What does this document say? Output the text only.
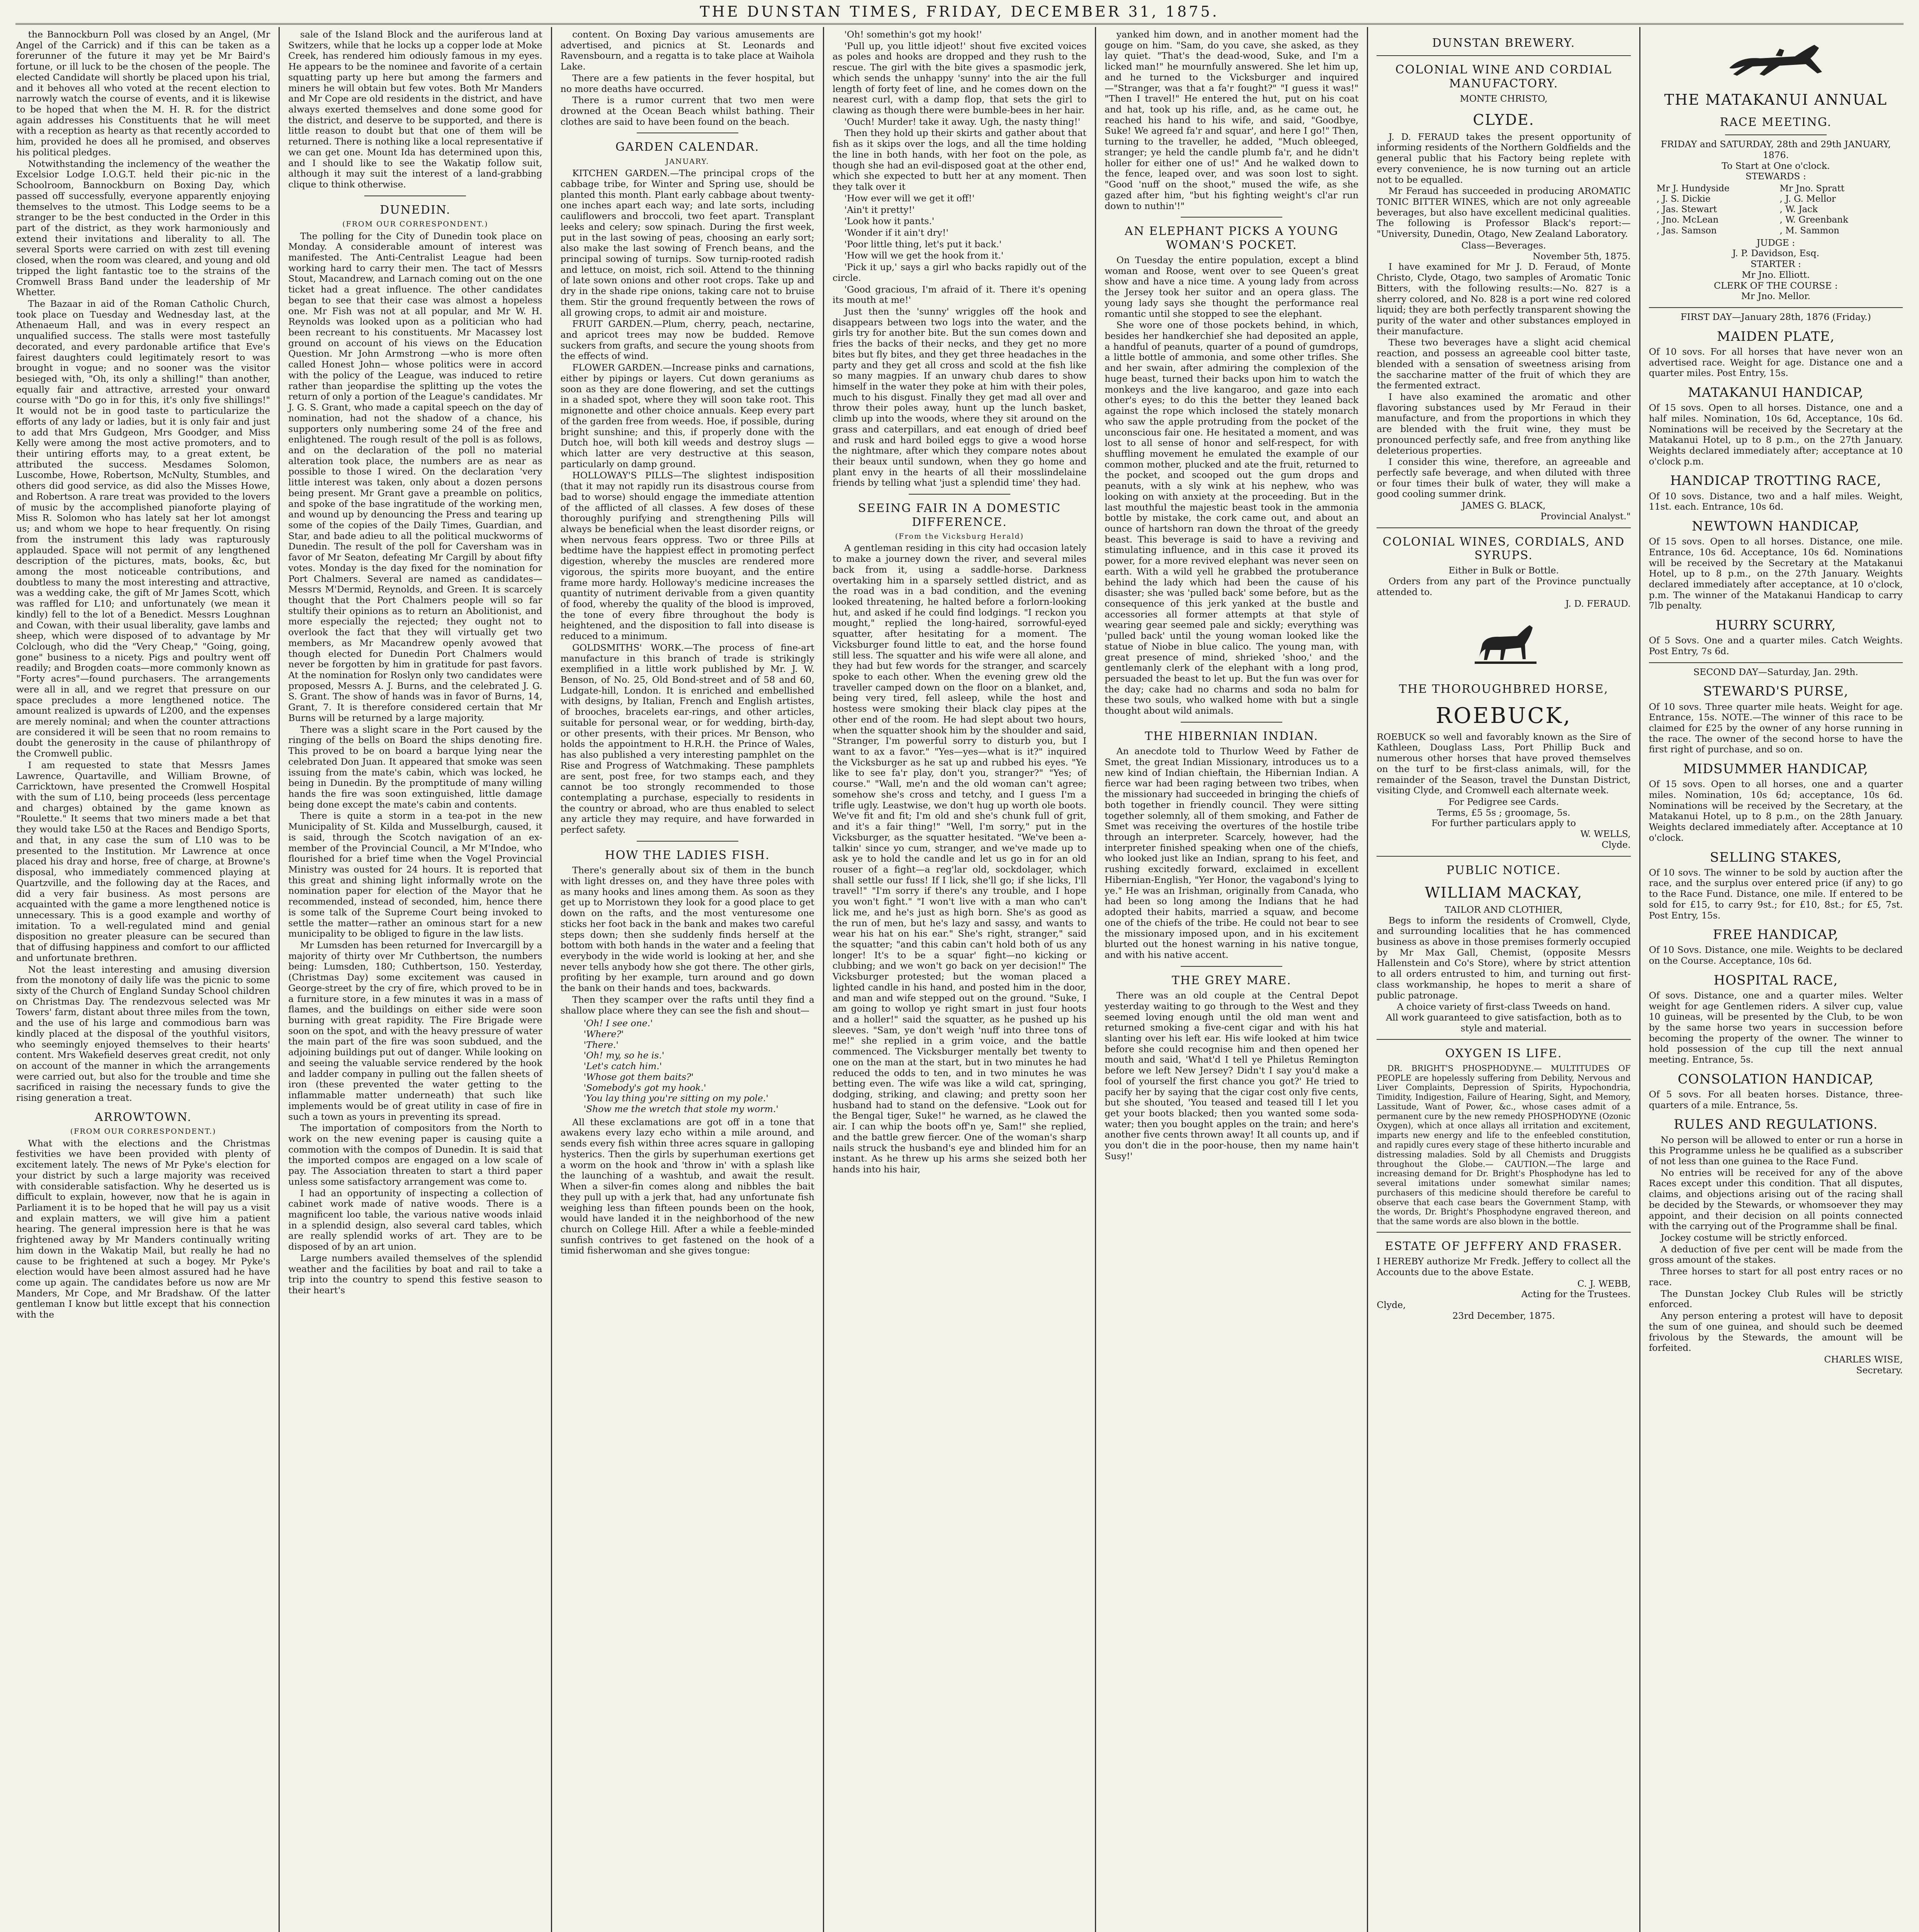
THE DUNSTAN TIMES, FRIDAY, DECEMBER 31, 1875.

the Bannockburn Poll was closed by an Angel, (Mr Angel of the Carrick) and if this can be taken as a forerunner of the future it may yet be Mr Baird's fortune, or ill luck to be the chosen of the people. The elected Candidate will shortly be placed upon his trial, and it behoves all who voted at the recent election to narrowly watch the course of events, and it is likewise to be hoped that when the M. H. R. for the district again addresses his Constituents that he will meet with a reception as hearty as that recently accorded to him, provided he does all he promised, and observes his political pledges.

Notwithstanding the inclemency of the weather the Excelsior Lodge I.O.G.T. held their pic-nic in the Schoolroom, Bannockburn on Boxing Day, which passed off successfully, everyone apparently enjoying themselves to the utmost. This Lodge seems to be a stranger to be the best conducted in the Order in this part of the district, as they work harmoniously and extend their invitations and liberality to all. The several Sports were carried on with zest till evening closed, when the room was cleared, and young and old tripped the light fantastic toe to the strains of the Cromwell Brass Band under the leadership of Mr Whetter.

The Bazaar in aid of the Roman Catholic Church, took place on Tuesday and Wednesday last, at the Athenaeum Hall, and was in every respect an unqualified success. The stalls were most tastefully decorated, and every pardonable artifice that Eve's fairest daughters could legitimately resort to was brought in vogue; and no sooner was the visitor besieged with, "Oh, its only a shilling!" than another, equally fair and attractive, arrested your onward course with "Do go in for this, it's only five shillings!" It would not be in good taste to particularize the efforts of any lady or ladies, but it is only fair and just to add that Mrs Gudgeon, Mrs Goodger, and Miss Kelly were among the most active promoters, and to their untiring efforts may, to a great extent, be attributed the success. Mesdames Solomon, Luscombe, Howe, Robertson, McNulty, Stumbles, and others did good service, as did also the Misses Howe, and Robertson. A rare treat was provided to the lovers of music by the accomplished pianoforte playing of Miss R. Solomon who has lately sat her lot amongst us; and whom we hope to hear frequently. On rising from the instrument this lady was rapturously applauded. Space will not permit of any lengthened description of the pictures, mats, books, &c, but among the most noticeable contributions, and doubtless to many the most interesting and attractive, was a wedding cake, the gift of Mr James Scott, which was raffled for L10; and unfortunately (we mean it kindly) fell to the lot of a Benedict. Messrs Loughnan and Cowan, with their usual liberality, gave lambs and sheep, which were disposed of to advantage by Mr Colclough, who did the "Very Cheap," "Going, going, gone" business to a nicety. Pigs and poultry went off readily; and Brogden coats—more commonly known as "Forty acres"—found purchasers. The arrangements were all in all, and we regret that pressure on our space precludes a more lengthened notice. The amount realized is upwards of L200, and the expenses are merely nominal; and when the counter attractions are considered it will be seen that no room remains to doubt the generosity in the cause of philanthropy of the Cromwell public.

I am requested to state that Messrs James Lawrence, Quartaville, and William Browne, of Carricktown, have presented the Cromwell Hospital with the sum of L10, being proceeds (less percentage and charges) obtained by the game known as "Roulette." It seems that two miners made a bet that they would take L50 at the Races and Bendigo Sports, and that, in any case the sum of L10 was to be presented to the Institution. Mr Lawrence at once placed his dray and horse, free of charge, at Browne's disposal, who immediately commenced playing at Quartzville, and the following day at the Races, and did a very fair business. As most persons are acquainted with the game a more lengthened notice is unnecessary. This is a good example and worthy of imitation. To a well-regulated mind and genial disposition no greater pleasure can be secured than that of diffusing happiness and comfort to our afflicted and unfortunate brethren.

Not the least interesting and amusing diversion from the monotony of daily life was the picnic to some sixty of the Church of England Sunday School children on Christmas Day. The rendezvous selected was Mr Towers' farm, distant about three miles from the town, and the use of his large and commodious barn was kindly placed at the disposal of the youthful visitors, who seemingly enjoyed themselves to their hearts' content. Mrs Wakefield deserves great credit, not only on account of the manner in which the arrangements were carried out, but also for the trouble and time she sacrificed in raising the necessary funds to give the rising generation a treat.

ARROWTOWN.
(FROM OUR CORRESPONDENT.)

What with the elections and the Christmas festivities we have been provided with plenty of excitement lately. The news of Mr Pyke's election for your district by such a large majority was received with considerable satisfaction. Why he deserted us is difficult to explain, however, now that he is again in Parliament it is to be hoped that he will pay us a visit and explain matters, we will give him a patient hearing. The general impression here is that he was frightened away by Mr Manders continually writing him down in the Wakatip Mail, but really he had no cause to be frightened at such a bogey. Mr Pyke's election would have been almost assured had he have come up again. The candidates before us now are Mr Manders, Mr Cope, and Mr Bradshaw. Of the latter gentleman I know but little except that his connection with the

sale of the Island Block and the auriferous land at Switzers, while that he locks up a copper lode at Moke Creek, has rendered him odiously famous in my eyes. He appears to be the nominee and favorite of a certain squatting party up here but among the farmers and miners he will obtain but few votes. Both Mr Manders and Mr Cope are old residents in the district, and have always exerted themselves and done some good for the district, and deserve to be supported, and there is little reason to doubt but that one of them will be returned. There is nothing like a local representative if we can get one. Mount Ida has determined upon this, and I should like to see the Wakatip follow suit, although it may suit the interest of a land-grabbing clique to think otherwise.

DUNEDIN.
(FROM OUR CORRESPONDENT.)

The polling for the City of Dunedin took place on Monday. A considerable amount of interest was manifested. The Anti-Centralist League had been working hard to carry their men. The tact of Messrs Stout, Macandrew, and Larnach coming out on the one ticket had a great influence. The other candidates began to see that their case was almost a hopeless one. Mr Fish was not at all popular, and Mr W. H. Reynolds was looked upon as a politician who had been recreant to his constituents. Mr Macassey lost ground on account of his views on the Education Question. Mr John Armstrong —who is more often called Honest John— whose politics were in accord with the policy of the League, was induced to retire rather than jeopardise the splitting up the votes the return of only a portion of the League's candidates. Mr J. G. S. Grant, who made a capital speech on the day of nomination, had not the shadow of a chance, his supporters only numbering some 24 of the free and enlightened. The rough result of the poll is as follows, and on the declaration of the poll no material alteration took place, the numbers are as near as possible to those I wired. On the declaration 'very little interest was taken, only about a dozen persons being present. Mr Grant gave a preamble on politics, and spoke of the base ingratitude of the working men, and wound up by denouncing the Press and tearing up some of the copies of the Daily Times, Guardian, and Star, and bade adieu to all the political muckworms of Dunedin. The result of the poll for Caversham was in favor of Mr Seaton, defeating Mr Cargill by about fifty votes. Monday is the day fixed for the nomination for Port Chalmers. Several are named as candidates—Messrs M'Dermid, Reynolds, and Green. It is scarcely thought that the Port Chalmers people will so far stultify their opinions as to return an Abolitionist, and more especially the rejected; they ought not to overlook the fact that they will virtually get two members, as Mr Macandrew openly avowed that though elected for Dunedin Port Chalmers would never be forgotten by him in gratitude for past favors. At the nomination for Roslyn only two candidates were proposed, Messrs A. J. Burns, and the celebrated J. G. S. Grant. The show of hands was in favor of Burns, 14, Grant, 7. It is therefore considered certain that Mr Burns will be returned by a large majority.

There was a slight scare in the Port caused by the ringing of the bells on Board the ships denoting fire. This proved to be on board a barque lying near the celebrated Don Juan. It appeared that smoke was seen issuing from the mate's cabin, which was locked, he being in Dunedin. By the promptitude of many willing hands the fire was soon extinguished, little damage being done except the mate's cabin and contents.

There is quite a storm in a tea-pot in the new Municipality of St. Kilda and Musselburgh, caused, it is said, through the Scotch navigation of an ex-member of the Provincial Council, a Mr M'Indoe, who flourished for a brief time when the Vogel Provincial Ministry was ousted for 24 hours. It is reported that this great and shining light informally wrote on the nomination paper for election of the Mayor that he recommended, instead of seconded, him, hence there is some talk of the Supreme Court being invoked to settle the matter—rather an ominous start for a new municipality to be obliged to figure in the law lists.

Mr Lumsden has been returned for Invercargill by a majority of thirty over Mr Cuthbertson, the numbers being: Lumsden, 180; Cuthbertson, 150. Yesterday, (Christmas Day) some excitement was caused in George-street by the cry of fire, which proved to be in a furniture store, in a few minutes it was in a mass of flames, and the buildings on either side were soon burning with great rapidity. The Fire Brigade were soon on the spot, and with the heavy pressure of water the main part of the fire was soon subdued, and the adjoining buildings put out of danger. While looking on and seeing the valuable service rendered by the hook and ladder company in pulling out the fallen sheets of iron (these prevented the water getting to the inflammable matter underneath) that such like implements would be of great utility in case of fire in such a town as yours in preventing its spread.

The importation of compositors from the North to work on the new evening paper is causing quite a commotion with the compos of Dunedin. It is said that the imported compos are engaged on a low scale of pay. The Association threaten to start a third paper unless some satisfactory arrangement was come to.

I had an opportunity of inspecting a collection of cabinet work made of native woods. There is a magnificent loo table, the various native woods inlaid in a splendid design, also several card tables, which are really splendid works of art. They are to be disposed of by an art union.

Large numbers availed themselves of the splendid weather and the facilities by boat and rail to take a trip into the country to spend this festive season to their heart's

content. On Boxing Day various amusements are advertised, and picnics at St. Leonards and Ravensbourn, and a regatta is to take place at Waihola Lake.

There are a few patients in the fever hospital, but no more deaths have occurred.

There is a rumor current that two men were drowned at the Ocean Beach whilst bathing. Their clothes are said to have been found on the beach.

GARDEN CALENDAR.
JANUARY.

KITCHEN GARDEN.—The principal crops of the cabbage tribe, for Winter and Spring use, should be planted this month. Plant early cabbage about twenty-one inches apart each way; and late sorts, including cauliflowers and broccoli, two feet apart. Transplant leeks and celery; sow spinach. During the first week, put in the last sowing of peas, choosing an early sort; also make the last sowing of French beans, and the principal sowing of turnips. Sow turnip-rooted radish and lettuce, on moist, rich soil. Attend to the thinning of late sown onions and other root crops. Take up and dry in the shade ripe onions, taking care not to bruise them. Stir the ground frequently between the rows of all growing crops, to admit air and moisture.

FRUIT GARDEN.—Plum, cherry, peach, nectarine, and apricot trees may now be budded. Remove suckers from grafts, and secure the young shoots from the effects of wind.

FLOWER GARDEN.—Increase pinks and carnations, either by pipings or layers. Cut down geraniums as soon as they are done flowering, and set the cuttings in a shaded spot, where they will soon take root. This mignonette and other choice annuals. Keep every part of the garden free from weeds. Hoe, if possible, during bright sunshine; and this, if properly done with the Dutch hoe, will both kill weeds and destroy slugs —which latter are very destructive at this season, particularly on damp ground.

HOLLOWAY'S PILLS—The slightest indisposition (that it may not rapidly run its disastrous course from bad to worse) should engage the immediate attention of the afflicted of all classes. A few doses of these thoroughly purifying and strengthening Pills will always be beneficial when the least disorder reigns, or when nervous fears oppress. Two or three Pills at bedtime have the happiest effect in promoting perfect digestion, whereby the muscles are rendered more vigorous, the spirits more buoyant, and the entire frame more hardy. Holloway's medicine increases the quantity of nutriment derivable from a given quantity of food, whereby the quality of the blood is improved, the tone of every fibre throughout the body is heightened, and the disposition to fall into disease is reduced to a minimum.

GOLDSMITHS' WORK.—The process of fine-art manufacture in this branch of trade is strikingly exemplified in a little work published by Mr. J. W. Benson, of No. 25, Old Bond-street and of 58 and 60, Ludgate-hill, London. It is enriched and embellished with designs, by Italian, French and English artistes, of brooches, bracelets ear-rings, and other articles, suitable for personal wear, or for wedding, birth-day, or other presents, with their prices. Mr Benson, who holds the appointment to H.R.H. the Prince of Wales, has also published a very interesting pamphlet on the Rise and Progress of Watchmaking. These pamphlets are sent, post free, for two stamps each, and they cannot be too strongly recommended to those contemplating a purchase, especially to residents in the country or abroad, who are thus enabled to select any article they may require, and have forwarded in perfect safety.

HOW THE LADIES FISH.

There's generally about six of them in the bunch with light dresses on, and they have three poles with as many hooks and lines among them. As soon as they get up to Morristown they look for a good place to get down on the rafts, and the most venturesome one sticks her foot back in the bank and makes two careful steps down; then she suddenly finds herself at the bottom with both hands in the water and a feeling that everybody in the wide world is looking at her, and she never tells anybody how she got there. The other girls, profiting by her example, turn around and go down the bank on their hands and toes, backwards.

Then they scamper over the rafts until they find a shallow place where they can see the fish and shout—

'Oh! I see one.'
'Where?'
'There.'
'Oh! my, so he is.'
'Let's catch him.'
'Whose got them baits?'
'Somebody's got my hook.'
'You lay thing you're sitting on my pole.'
'Show me the wretch that stole my worm.'

All these exclamations are got off in a tone that awakens every lazy echo within a mile around, and sends every fish within three acres square in galloping hysterics. Then the girls by superhuman exertions get a worm on the hook and 'throw in' with a splash like the launching of a washtub, and await the result. When a silver-fin comes along and nibbles the bait they pull up with a jerk that, had any unfortunate fish weighing less than fifteen pounds been on the hook, would have landed it in the neighborhood of the new church on College Hill. After a while a feeble-minded sunfish contrives to get fastened on the hook of a timid fisherwoman and she gives tongue:

'Oh! somethin's got my hook!'

'Pull up, you little idjeot!' shout five excited voices as poles and hooks are dropped and they rush to the rescue. The girl with the bite gives a spasmodic jerk, which sends the unhappy 'sunny' into the air the full length of forty feet of line, and he comes down on the nearest curl, with a damp flop, that sets the girl to clawing as though there were bumble-bees in her hair.

'Ouch! Murder! take it away. Ugh, the nasty thing!'

Then they hold up their skirts and gather about that fish as it skips over the logs, and all the time holding the line in both hands, with her foot on the pole, as though she had an evil-disposed goat at the other end, which she expected to butt her at any moment. Then they talk over it

'How ever will we get it off!'

'Ain't it pretty!'

'Look how it pants.'

'Wonder if it ain't dry!'

'Poor little thing, let's put it back.'

'How will we get the hook from it.'

'Pick it up,' says a girl who backs rapidly out of the circle.

'Good gracious, I'm afraid of it. There it's opening its mouth at me!'

Just then the 'sunny' wriggles off the hook and disappears between two logs into the water, and the girls try for another bite. But the sun comes down and fries the backs of their necks, and they get no more bites but fly bites, and they get three headaches in the party and they get all cross and scold at the fish like so many magpies. If an unwary chub dares to show himself in the water they poke at him with their poles, much to his disgust. Finally they get mad all over and throw their poles away, hunt up the lunch basket, climb up into the woods, where they sit around on the grass and caterpillars, and eat enough of dried beef and rusk and hard boiled eggs to give a wood horse the nightmare, after which they compare notes about their beaux until sundown, when they go home and plant envy in the hearts of all their mosslindelaine friends by telling what 'just a splendid time' they had.

SEEING FAIR IN A DOMESTIC DIFFERENCE.
(From the Vicksburg Herald)

A gentleman residing in this city had occasion lately to make a journey down the river, and several miles back from it, using a saddle-horse. Darkness overtaking him in a sparsely settled district, and as the road was in a bad condition, and the evening looked threatening, he halted before a forlorn-looking hut, and asked if he could find lodgings. "I reckon you mought," replied the long-haired, sorrowful-eyed squatter, after hesitating for a moment. The Vicksburger found little to eat, and the horse found still less. The squatter and his wife were all alone, and they had but few words for the stranger, and scarcely spoke to each other. When the evening grew old the traveller camped down on the floor on a blanket, and, being very tired, fell asleep, while the host and hostess were smoking their black clay pipes at the other end of the room. He had slept about two hours, when the squatter shook him by the shoulder and said, "Stranger, I'm powerful sorry to disturb you, but I want to ax a favor." "Yes—yes—what is it?" inquired the Vicksburger as he sat up and rubbed his eyes. "Ye like to see fa'r play, don't you, stranger?" "Yes; of course." "Wall, me'n and the old woman can't agree; somehow she's cross and tetchy, and I guess I'm a trifle ugly. Leastwise, we don't hug up worth ole boots. We've fit and fit; I'm old and she's chunk full of grit, and it's a fair thing!" "Well, I'm sorry," put in the Vicksburger, as the squatter hesitated. "We've been a-talkin' since yo cum, stranger, and we've made up to ask ye to hold the candle and let us go in for an old rouser of a fight—a reg'lar old, sockdolager, which shall settle our fuss! If I lick, she'll go; if she licks, I'll travel!" "I'm sorry if there's any trouble, and I hope you won't fight." "I won't live with a man who can't lick me, and he's just as high born. She's as good as the run of men, but he's lazy and sassy, and wants to wear his hat on his ear." She's right, stranger," said the squatter; "and this cabin can't hold both of us any longer! It's to be a squar' fight—no kicking or clubbing; and we won't go back on yer decision!" The Vicksburger protested; but the woman placed a lighted candle in his hand, and posted him in the door, and man and wife stepped out on the ground. "Suke, I am going to wollop ye right smart in just four hoots and a holler!" said the squatter, as he pushed up his sleeves. "Sam, ye don't weigh 'nuff into three tons of me!" she replied in a grim voice, and the battle commenced. The Vicksburger mentally bet twenty to one on the man at the start, but in two minutes he had reduced the odds to ten, and in two minutes he was betting even. The wife was like a wild cat, springing, dodging, striking, and clawing; and pretty soon her husband had to stand on the defensive. "Look out for the Bengal tiger, Suke!" he warned, as he clawed the air. I can whip the boots off'n ye, Sam!" she replied, and the battle grew fiercer. One of the woman's sharp nails struck the husband's eye and blinded him for an instant. As he threw up his arms she seized both her hands into his hair,

yanked him down, and in another moment had the gouge on him. "Sam, do you cave, she asked, as they lay quiet. "That's the dead-wood, Suke, and I'm a licked man!" he mournfully answered. She let him up, and he turned to the Vicksburger and inquired—"Stranger, was that a fa'r fought?" "I guess it was!" "Then I travel!" He entered the hut, put on his coat and hat, took up his rifle, and, as he came out, he reached his hand to his wife, and said, "Goodbye, Suke! We agreed fa'r and squar', and here I go!" Then, turning to the traveller, he added, "Much obleeged, stranger; ye held the candle plumb fa'r, and he didn't holler for either one of us!" And he walked down to the fence, leaped over, and was soon lost to sight. "Good 'nuff on the shoot," mused the wife, as she gazed after him, "but his fighting weight's cl'ar run down to nuthin'!"

AN ELEPHANT PICKS A YOUNG WOMAN'S POCKET.

On Tuesday the entire population, except a blind woman and Roose, went over to see Queen's great show and have a nice time. A young lady from across the Jersey took her suitor and an opera glass. The young lady says she thought the performance real romantic until she stopped to see the elephant.

She wore one of those pockets behind, in which, besides her handkerchief she had deposited an apple, a handful of peanuts, quarter of a pound of gumdrops, a little bottle of ammonia, and some other trifles. She and her swain, after admiring the complexion of the huge beast, turned their backs upon him to watch the monkeys and the live kangaroo, and gaze into each other's eyes; to do this the better they leaned back against the rope which inclosed the stately monarch who saw the apple protruding from the pocket of the unconscious fair one. He hesitated a moment, and was lost to all sense of honor and self-respect, for with shuffling movement he emulated the example of our common mother, plucked and ate the fruit, returned to the pocket, and scooped out the gum drops and peanuts, with a sly wink at his nephew, who was looking on with anxiety at the proceeding. But in the last mouthful the majestic beast took in the ammonia bottle by mistake, the cork came out, and about an ounce of hartshorn ran down the throat of the greedy beast. This beverage is said to have a reviving and stimulating influence, and in this case it proved its power, for a more revived elephant was never seen on earth. With a wild yell he grabbed the protuberance behind the lady which had been the cause of his disaster; she was 'pulled back' some before, but as the consequence of this jerk yanked at the bustle and accessories all former attempts at that style of wearing gear seemed pale and sickly; everything was 'pulled back' until the young woman looked like the statue of Niobe in blue calico. The young man, with great presence of mind, shrieked 'shoo,' and the gentlemanly clerk of the elephant with a long prod, persuaded the beast to let up. But the fun was over for the day; cake had no charms and soda no balm for these two souls, who walked home with but a single thought about wild animals.

THE HIBERNIAN INDIAN.

An anecdote told to Thurlow Weed by Father de Smet, the great Indian Missionary, introduces us to a new kind of Indian chieftain, the Hibernian Indian. A fierce war had been raging between two tribes, when the missionary had succeeded in bringing the chiefs of both together in friendly council. They were sitting together solemnly, all of them smoking, and Father de Smet was receiving the overtures of the hostile tribe through an interpreter. Scarcely, however, had the interpreter finished speaking when one of the chiefs, who looked just like an Indian, sprang to his feet, and rushing excitedly forward, exclaimed in excellent Hibernian-English, "Yer Honor, the vagabond's lying to ye." He was an Irishman, originally from Canada, who had been so long among the Indians that he had adopted their habits, married a squaw, and become one of the chiefs of the tribe. He could not bear to see the missionary imposed upon, and in his excitement blurted out the honest warning in his native tongue, and with his native accent.

THE GREY MARE.

There was an old couple at the Central Depot yesterday waiting to go through to the West and they seemed loving enough until the old man went and returned smoking a five-cent cigar and with his hat slanting over his left ear. His wife looked at him twice before she could recognise him and then opened her mouth and said, 'What'd I tell ye Philetus Remington before we left New Jersey? Didn't I say you'd make a fool of yourself the first chance you got?' He tried to pacify her by saying that the cigar cost only five cents, but she shouted, 'You teased and teased till I let you get your boots blacked; then you wanted some soda-water; then you bought apples on the train; and here's another five cents thrown away! It all counts up, and if you don't die in the poor-house, then my name hain't Susy!'

DUNSTAN BREWERY.
COLONIAL WINE AND CORDIAL MANUFACTORY.
MONTE CHRISTO,
CLYDE.

J. D. FERAUD takes the present opportunity of informing residents of the Northern Goldfields and the general public that his Factory being replete with every convenience, he is now turning out an article not to be equalled.

Mr Feraud has succeeded in producing AROMATIC TONIC BITTER WINES, which are not only agreeable beverages, but also have excellent medicinal qualities. The following is Professor Black's report:— "University, Dunedin, Otago, New Zealand Laboratory.

Class—Beverages.
November 5th, 1875.

I have examined for Mr J. D. Feraud, of Monte Christo, Clyde, Otago, two samples of Aromatic Tonic Bitters, with the following results:—No. 827 is a sherry colored, and No. 828 is a port wine red colored liquid; they are both perfectly transparent showing the purity of the water and other substances employed in their manufacture.

These two beverages have a slight acid chemical reaction, and possess an agreeable cool bitter taste, blended with a sensation of sweetness arising from the saccharine matter of the fruit of which they are the fermented extract.

I have also examined the aromatic and other flavoring substances used by Mr Feraud in their manufacture, and from the proportions in which they are blended with the fruit wine, they must be pronounced perfectly safe, and free from anything like deleterious properties.

I consider this wine, therefore, an agreeable and perfectly safe beverage, and when diluted with three or four times their bulk of water, they will make a good cooling summer drink.

JAMES G. BLACK,
Provincial Analyst."
COLONIAL WINES, CORDIALS, AND SYRUPS.
Either in Bulk or Bottle.

Orders from any part of the Province punctually attended to.

J. D. FERAUD.
THE THOROUGHBRED HORSE,
ROEBUCK,

ROEBUCK so well and favorably known as the Sire of Kathleen, Douglass Lass, Port Phillip Buck and numerous other horses that have proved themselves on the turf to be first-class animals, will, for the remainder of the Season, travel the Dunstan District, visiting Clyde, and Cromwell each alternate week.

For Pedigree see Cards.
Terms, £5 5s ; groomage, 5s.
For further particulars apply to
W. WELLS,
Clyde.
PUBLIC NOTICE.
WILLIAM MACKAY,
TAILOR AND CLOTHIER,

Begs to inform the residents of Cromwell, Clyde, and surrounding localities that he has commenced business as above in those premises formerly occupied by Mr Max Gall, Chemist, (opposite Messrs Hallenstein and Co's Store), where by strict attention to all orders entrusted to him, and turning out first-class workmanship, he hopes to merit a share of public patronage.

A choice variety of first-class Tweeds on hand.
All work guaranteed to give satisfaction, both as to style and material.
OXYGEN IS LIFE.

DR. BRIGHT'S PHOSPHODYNE.— MULTITUDES OF PEOPLE are hopelessly suffering from Debility, Nervous and Liver Complaints, Depression of Spirits, Hypochondria, Timidity, Indigestion, Failure of Hearing, Sight, and Memory, Lassitude, Want of Power, &c., whose cases admit of a permanent cure by the new remedy PHOSPHODYNE (Ozonic Oxygen), which at once allays all irritation and excitement, imparts new energy and life to the enfeebled constitution, and rapidly cures every stage of these hitherto incurable and distressing maladies. Sold by all Chemists and Druggists throughout the Globe.— CAUTION.—The large and increasing demand for Dr. Bright's Phosphodyne has led to several imitations under somewhat similar names; purchasers of this medicine should therefore be careful to observe that each case bears the Government Stamp, with the words, Dr. Bright's Phosphodyne engraved thereon, and that the same words are also blown in the bottle.

ESTATE OF JEFFERY AND FRASER.

I HEREBY authorize Mr Fredk. Jeffery to collect all the Accounts due to the above Estate.

C. J. WEBB,
Acting for the Trustees.
Clyde,
23rd December, 1875.
THE MATAKANUI ANNUAL
RACE MEETING.
FRIDAY and SATURDAY, 28th and 29th JANUARY, 1876.
To Start at One o'clock.
STEWARDS :
Mr J. Hundyside	Mr Jno. Spratt
, J. S. Dickie	, J. G. Mellor
, Jas. Stewart	, W. Jack
, Jno. McLean	, W. Greenbank
, Jas. Samson	, M. Sammon
JUDGE :
J. P. Davidson, Esq.
STARTER :
Mr Jno. Elliott.
CLERK OF THE COURSE :
Mr Jno. Mellor.
FIRST DAY—January 28th, 1876 (Friday.)
MAIDEN PLATE,

Of 10 sovs. For all horses that have never won an advertised race. Weight for age. Distance one and a quarter miles. Post Entry, 15s.

MATAKANUI HANDICAP,

Of 15 sovs. Open to all horses. Distance, one and a half miles. Nomination, 10s 6d, Acceptance, 10s 6d. Nominations will be received by the Secretary at the Matakanui Hotel, up to 8 p.m., on the 27th January. Weights declared immediately after; acceptance at 10 o'clock p.m.

HANDICAP TROTTING RACE,

Of 10 sovs. Distance, two and a half miles. Weight, 11st. each. Entrance, 10s 6d.

NEWTOWN HANDICAP,

Of 15 sovs. Open to all horses. Distance, one mile. Entrance, 10s 6d. Acceptance, 10s 6d. Nominations will be received by the Secretary at the Matakanui Hotel, up to 8 p.m., on the 27th January. Weights declared immediately after acceptance, at 10 o'clock, p.m. The winner of the Matakanui Handicap to carry 7lb penalty.

HURRY SCURRY,

Of 5 Sovs. One and a quarter miles. Catch Weights. Post Entry, 7s 6d.

SECOND DAY—Saturday, Jan. 29th.
STEWARD'S PURSE,

Of 10 sovs. Three quarter mile heats. Weight for age. Entrance, 15s. NOTE.—The winner of this race to be claimed for £25 by the owner of any horse running in the race. The owner of the second horse to have the first right of purchase, and so on.

MIDSUMMER HANDICAP,

Of 15 sovs. Open to all horses, one and a quarter miles. Nomination, 10s 6d; acceptance, 10s 6d. Nominations will be received by the Secretary, at the Matakanui Hotel, up to 8 p.m., on the 28th January. Weights declared immediately after. Acceptance at 10 o'clock.

SELLING STAKES,

Of 10 sovs. The winner to be sold by auction after the race, and the surplus over entered price (if any) to go to the Race Fund. Distance, one mile. If entered to be sold for £15, to carry 9st.; for £10, 8st.; for £5, 7st. Post Entry, 15s.

FREE HANDICAP,

Of 10 Sovs. Distance, one mile. Weights to be declared on the Course. Acceptance, 10s 6d.

HOSPITAL RACE,

Of sovs. Distance, one and a quarter miles. Welter weight for age Gentlemen riders. A silver cup, value 10 guineas, will be presented by the Club, to be won by the same horse two years in succession before becoming the property of the owner. The winner to hold possession of the cup till the next annual meeting. Entrance, 5s.

CONSOLATION HANDICAP,

Of 5 sovs. For all beaten horses. Distance, three-quarters of a mile. Entrance, 5s.

RULES AND REGULATIONS.

No person will be allowed to enter or run a horse in this Programme unless he be qualified as a subscriber of not less than one guinea to the Race Fund.

No entries will be received for any of the above Races except under this condition. That all disputes, claims, and objections arising out of the racing shall be decided by the Stewards, or whomsoever they may appoint, and their decision on all points connected with the carrying out of the Programme shall be final.

Jockey costume will be strictly enforced.

A deduction of five per cent will be made from the gross amount of the stakes.

Three horses to start for all post entry races or no race.

The Dunstan Jockey Club Rules will be strictly enforced.

Any person entering a protest will have to deposit the sum of one guinea, and should such be deemed frivolous by the Stewards, the amount will be forfeited.

CHARLES WISE,
Secretary.
